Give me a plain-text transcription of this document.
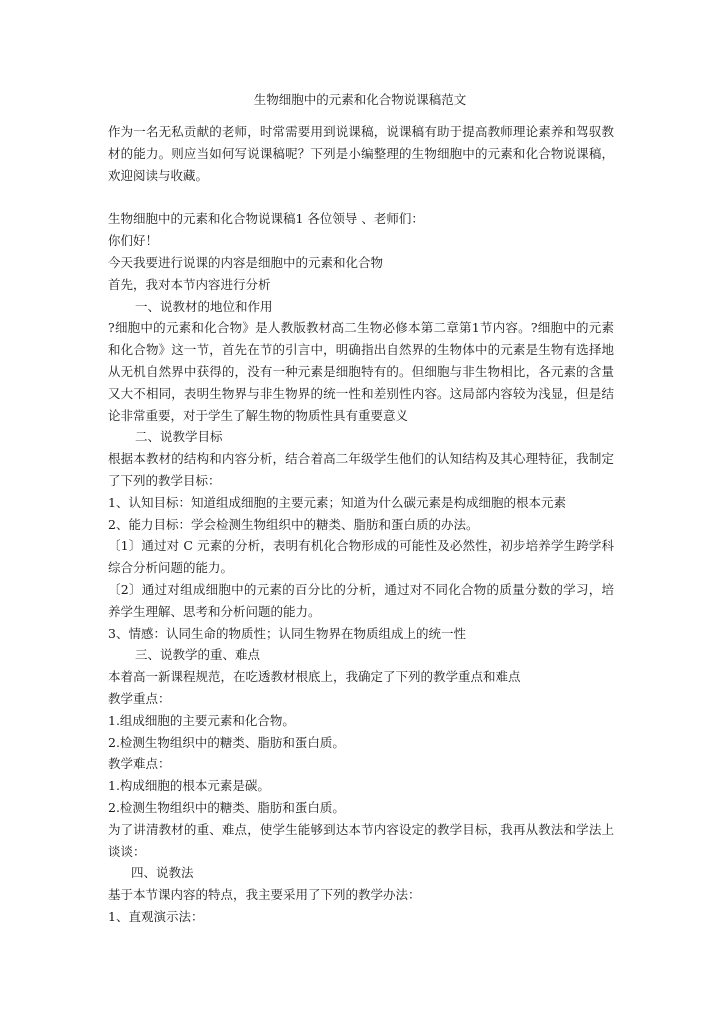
生物细胞中的元素和化合物说课稿范文

作为一名无私贡献的老师，时常需要用到说课稿，说课稿有助于提高教师理论素养和驾驭教材的能力。则应当如何写说课稿呢？下列是小编整理的生物细胞中的元素和化合物说课稿，欢迎阅读与收藏。

生物细胞中的元素和化合物说课稿1 各位领导 、老师们：

你们好！

今天我要进行说课的内容是细胞中的元素和化合物

首先，我对本节内容进行分析

一、说教材的地位和作用

?细胞中的元素和化合物》是人教版教材高二生物必修本第二章第1节内容。?细胞中的元素和化合物》这一节，首先在节的引言中，明确指出自然界的生物体中的元素是生物有选择地从无机自然界中获得的，没有一种元素是细胞特有的。但细胞与非生物相比，各元素的含量又大不相同，表明生物界与非生物界的统一性和差别性内容。这局部内容较为浅显，但是结论非常重要，对于学生了解生物的物质性具有重要意义

二、说教学目标

根据本教材的结构和内容分析，结合着高二年级学生他们的认知结构及其心理特征，我制定了下列的教学目标：

1、认知目标：知道组成细胞的主要元素；知道为什么碳元素是构成细胞的根本元素

2、能力目标：学会检测生物组织中的糖类、脂肪和蛋白质的办法。

〔1〕通过对 C 元素的分析，表明有机化合物形成的可能性及必然性，初步培养学生跨学科综合分析问题的能力。

〔2〕通过对组成细胞中的元素的百分比的分析，通过对不同化合物的质量分数的学习，培养学生理解、思考和分析问题的能力。

3、情感：认同生命的物质性；认同生物界在物质组成上的统一性

三、说教学的重、难点

本着高一新课程规范，在吃透教材根底上，我确定了下列的教学重点和难点

教学重点：

1.组成细胞的主要元素和化合物。

2.检测生物组织中的糖类、脂肪和蛋白质。

教学难点：

1.构成细胞的根本元素是碳。

2.检测生物组织中的糖类、脂肪和蛋白质。

为了讲清教材的重、难点，使学生能够到达本节内容设定的教学目标，我再从教法和学法上谈谈：

四、说教法

基于本节课内容的特点，我主要采用了下列的教学办法：

1、直观演示法：
